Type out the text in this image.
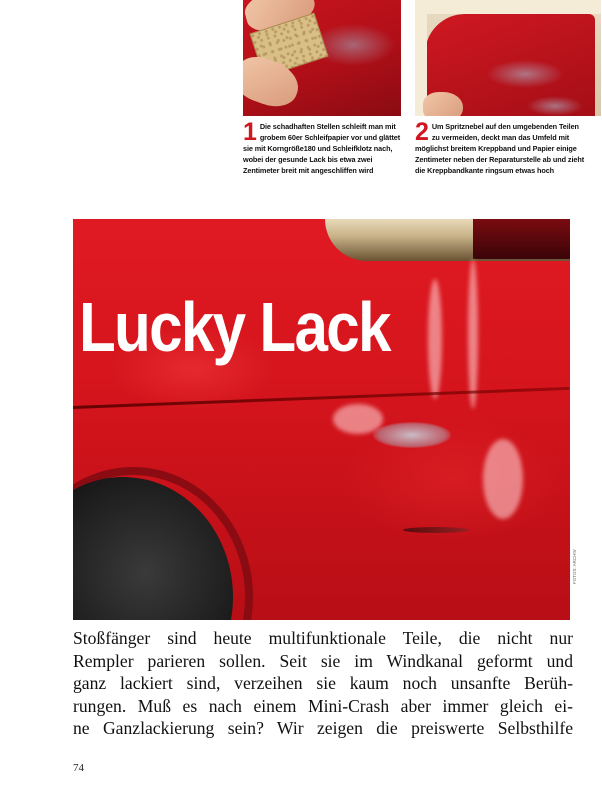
1 Die schadhaften Stellen schleift man mit grobem 60er Schleifpapier vor und glättet sie mit Korngröße180 und Schleifklotz nach, wobei der gesunde Lack bis etwa zwei Zentimeter breit mit angeschliffen wird
2 Um Spritznebel auf den umgebenden Teilen zu vermeiden, deckt man das Umfeld mit möglichst breitem Kreppband und Papier einige Zentimeter neben der Reparaturstelle ab und zieht die Kreppbandkante ringsum etwas hoch
Lucky Lack
FOTOS: ARCHIV
Stoßfänger sind heute multifunktionale Teile, die nicht nur
Rempler parieren sollen. Seit sie im Windkanal geformt und
ganz lackiert sind, verzeihen sie kaum noch unsanfte Berüh-
rungen. Muß es nach einem Mini-Crash aber immer gleich ei-
ne Ganzlackierung sein? Wir zeigen die preiswerte Selbsthilfe
74
